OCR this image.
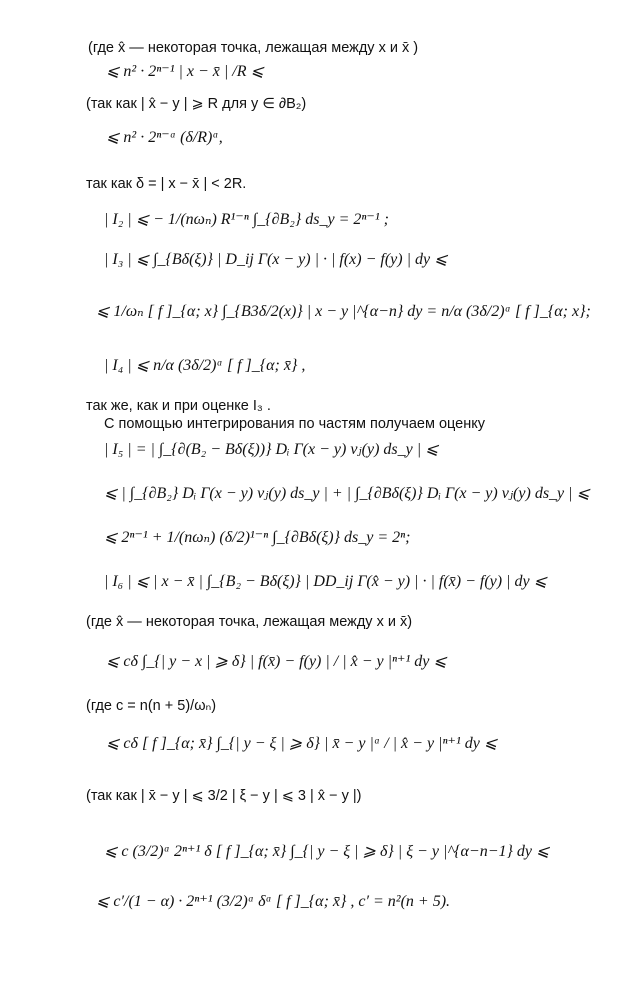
(где x̂ — некоторая точка, лежащая между x и x̄ )
⩽ n² · 2ⁿ⁻¹ | x − x̄ | /R ⩽
(так как | x̂ − y | ⩾ R для y ∈ ∂B₂)
⩽ n² · 2ⁿ⁻ᵅ (δ/R)ᵅ,
так как δ = | x − x̄ | < 2R.
| I₂ | ⩽ − 1/(nωₙ) R¹⁻ⁿ ∫_{∂B₂} ds_y = 2ⁿ⁻¹ ;
| I₃ | ⩽ ∫_{Bδ(ξ)} | D_ij Γ(x − y) | · | f(x) − f(y) | dy ⩽
⩽ 1/ωₙ [ f ]_{α; x} ∫_{B3δ/2(x)} | x − y |^{α−n} dy = n/α (3δ/2)ᵅ [ f ]_{α; x};
| I₄ | ⩽ n/α (3δ/2)ᵅ [ f ]_{α; x̄} ,
так же, как и при оценке I₃ .
С помощью интегрирования по частям получаем оценку
| I₅ | = | ∫_{∂(B₂ − Bδ(ξ))} Dᵢ Γ(x − y) νⱼ(y) ds_y | ⩽
⩽ | ∫_{∂B₂} Dᵢ Γ(x − y) νⱼ(y) ds_y | + | ∫_{∂Bδ(ξ)} Dᵢ Γ(x − y) νⱼ(y) ds_y | ⩽
⩽ 2ⁿ⁻¹ + 1/(nωₙ) (δ/2)¹⁻ⁿ ∫_{∂Bδ(ξ)} ds_y = 2ⁿ;
| I₆ | ⩽ | x − x̄ | ∫_{B₂ − Bδ(ξ)} | DD_ij Γ(x̂ − y) | · | f(x̄) − f(y) | dy ⩽
(где x̂ — некоторая точка, лежащая между x и x̄)
⩽ cδ ∫_{| y − x | ⩾ δ} | f(x̄) − f(y) | / | x̂ − y |ⁿ⁺¹ dy ⩽
(где c = n(n + 5)/ωₙ)
⩽ cδ [ f ]_{α; x̄} ∫_{| y − ξ | ⩾ δ} | x̄ − y |ᵅ / | x̂ − y |ⁿ⁺¹ dy ⩽
(так как | x̄ − y | ⩽ 3/2 | ξ − y | ⩽ 3 | x̂ − y |)
⩽ c (3/2)ᵅ 2ⁿ⁺¹ δ [ f ]_{α; x̄} ∫_{| y − ξ | ⩾ δ} | ξ − y |^{α−n−1} dy ⩽
⩽ c′/(1 − α) · 2ⁿ⁺¹ (3/2)ᵅ δᵅ [ f ]_{α; x̄} , c′ = n²(n + 5).
